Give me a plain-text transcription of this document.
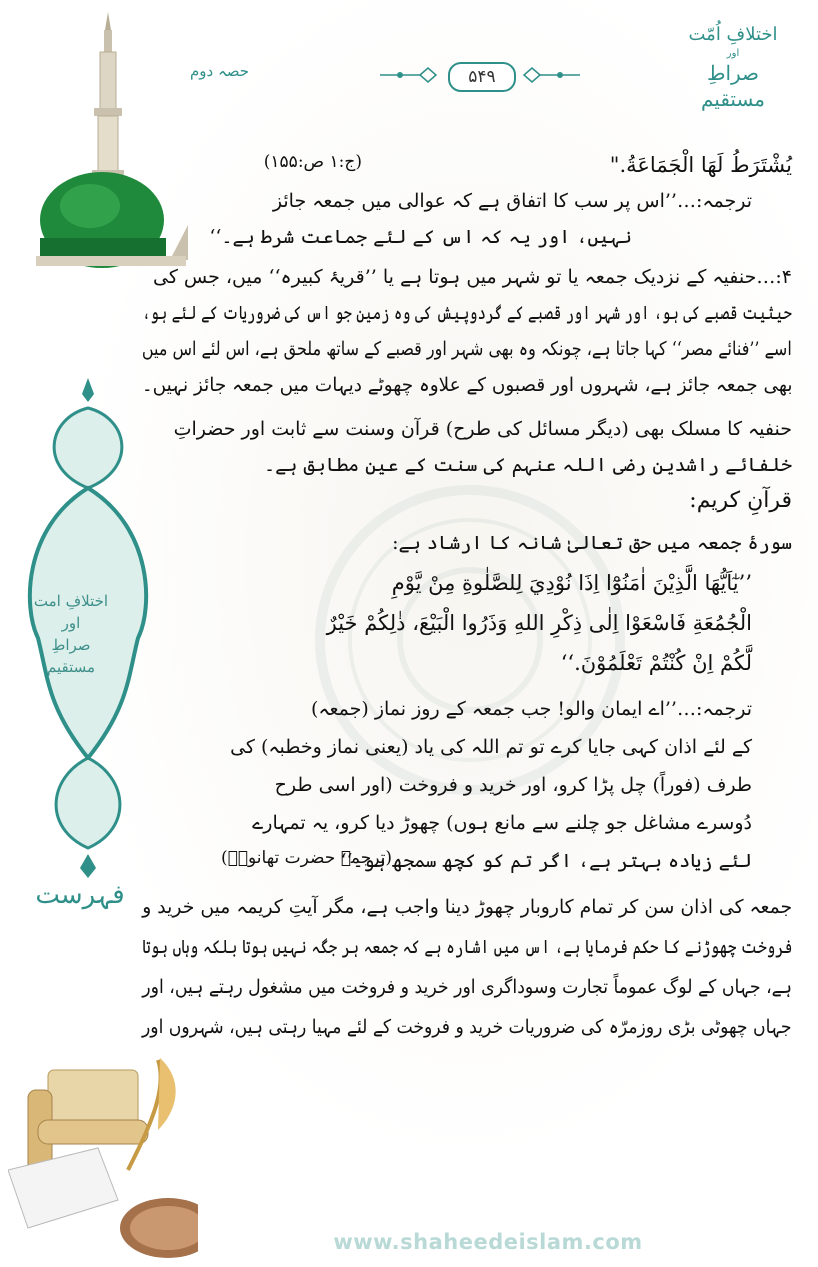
اختلافِ اُمّت
اور
صراطِ مستقیم
حصہ دوم	۵۴۹
اختلافِ امت اور
صراطِ مستقیم
فہرست
يُشْتَرَطُ لَهَا الْجَمَاعَةُ."
(ج:۱ ص:۱۵۵)
ترجمہ:…’’اس پر سب کا اتفاق ہے کہ عوالی میں جمعہ جائز
نہیں، اور یہ کہ اس کے لئے جماعت شرط ہے۔‘‘
۴:…حنفیہ کے نزدیک جمعہ یا تو شہر میں ہوتا ہے یا ’’قریۂ کبیرہ‘‘ میں، جس کی
حیثیت قصبے کی ہو، اور شہر اور قصبے کے گردوپیش کی وہ زمین جو اس کی ضروریات کے لئے ہو،
اسے ’’فنائے مصر‘‘ کہا جاتا ہے، چونکہ وہ بھی شہر اور قصبے کے ساتھ ملحق ہے، اس لئے اس میں
بھی جمعہ جائز ہے، شہروں اور قصبوں کے علاوہ چھوٹے دیہات میں جمعہ جائز نہیں۔
حنفیہ کا مسلک بھی (دیگر مسائل کی طرح) قرآن وسنت سے ثابت اور حضراتِ
خلفائے راشدین رضی اللہ عنہم کی سنت کے عین مطابق ہے۔
قرآنِ کریم:
سورۂ جمعہ میں حق تعالیٰ شانہ کا ارشاد ہے:
’’يٰٓاَيُّهَا الَّذِيْنَ اٰمَنُوْٓا اِذَا نُوْدِيَ لِلصَّلٰوةِ مِنْ يَّوْمِ
الْجُمُعَةِ فَاسْعَوْا اِلٰى ذِكْرِ اللهِ وَذَرُوا الْبَيْعَ، ذٰلِكُمْ خَيْرٌ
لَّكُمْ اِنْ كُنْتُمْ تَعْلَمُوْنَ.‘‘
ترجمہ:…’’اے ایمان والو! جب جمعہ کے روز نماز (جمعہ)
کے لئے اذان کہی جایا کرے تو تم اللہ کی یاد (یعنی نماز وخطبہ) کی
طرف (فوراً) چل پڑا کرو، اور خرید و فروخت (اور اسی طرح
دُوسرے مشاغل جو چلنے سے مانع ہوں) چھوڑ دیا کرو، یہ تمہارے
لئے زیادہ بہتر ہے، اگر تم کو کچھ سمجھ ہو۔‘‘
(ترجمہ حضرت تھانویؒ)
جمعہ کی اذان سن کر تمام کاروبار چھوڑ دینا واجب ہے، مگر آیتِ کریمہ میں خرید و
فروخت چھوڑنے کا حکم فرمایا ہے، اس میں اشارہ ہے کہ جمعہ ہر جگہ نہیں ہوتا بلکہ وہاں ہوتا
ہے، جہاں کے لوگ عموماً تجارت وسوداگری اور خرید و فروخت میں مشغول رہتے ہیں، اور
جہاں چھوٹی بڑی روزمرّہ کی ضروریات خرید و فروخت کے لئے مہیا رہتی ہیں، شہروں اور
www.shaheedeislam.com
